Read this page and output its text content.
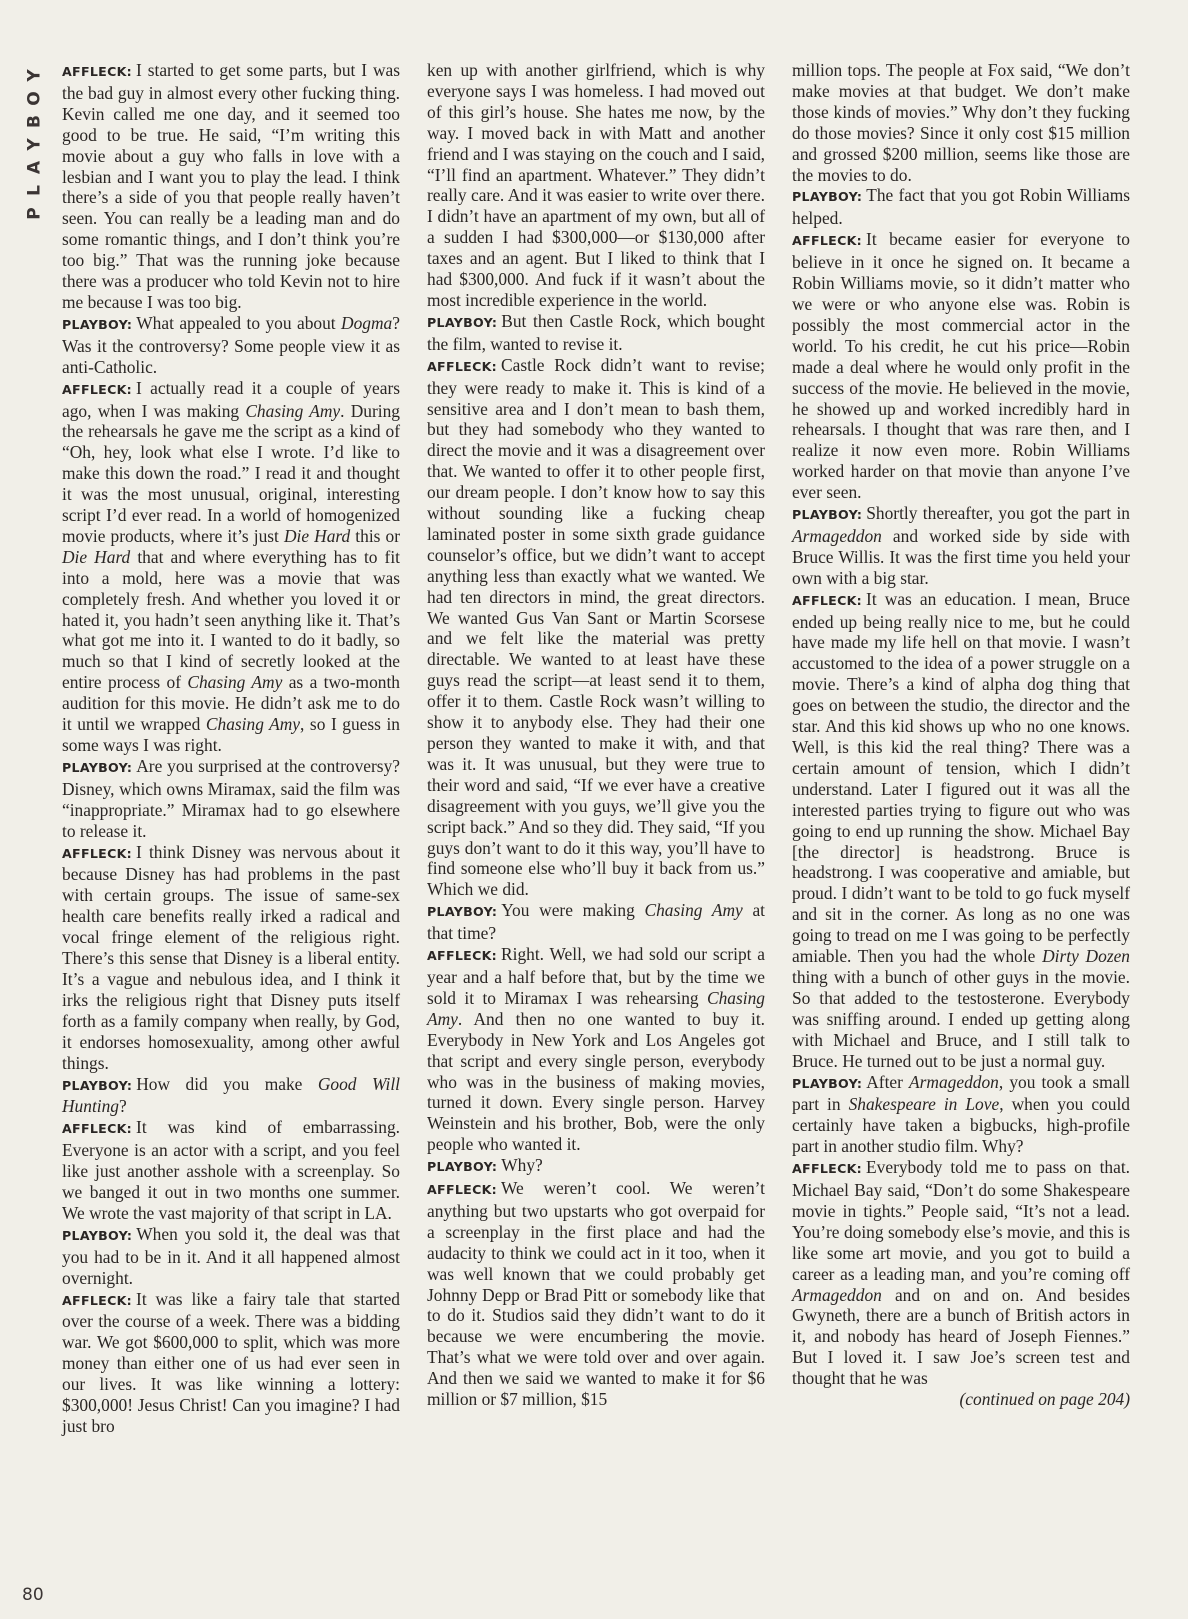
Y
O
B
Y
A
L
P

AFFLECK: I started to get some parts, but I was the bad guy in almost every other fucking thing. Kevin called me one day, and it seemed too good to be true. He said, “I’m writing this movie about a guy who falls in love with a lesbian and I want you to play the lead. I think there’s a side of you that people really haven’t seen. You can really be a leading man and do some romantic things, and I don’t think you’re too big.” That was the running joke because there was a producer who told Kevin not to hire me because I was too big.

PLAYBOY: What appealed to you about Dogma? Was it the controversy? Some people view it as anti-Catholic.

AFFLECK: I actually read it a couple of years ago, when I was making Chasing Amy. During the rehearsals he gave me the script as a kind of “Oh, hey, look what else I wrote. I’d like to make this down the road.” I read it and thought it was the most unusual, original, interesting script I’d ever read. In a world of homogenized movie products, where it’s just Die Hard this or Die Hard that and where everything has to fit into a mold, here was a movie that was completely fresh. And whether you loved it or hated it, you hadn’t seen anything like it. That’s what got me into it. I wanted to do it badly, so much so that I kind of secretly looked at the entire process of Chasing Amy as a two-month audition for this movie. He didn’t ask me to do it until we wrapped Chasing Amy, so I guess in some ways I was right.

PLAYBOY: Are you surprised at the controversy? Disney, which owns Miramax, said the film was “inappropriate.” Miramax had to go elsewhere to release it.

AFFLECK: I think Disney was nervous about it because Disney has had problems in the past with certain groups. The issue of same-sex health care benefits really irked a radical and vocal fringe element of the religious right. There’s this sense that Disney is a liberal entity. It’s a vague and nebulous idea, and I think it irks the religious right that Disney puts itself forth as a family company when really, by God, it endorses homosexuality, among other awful things.

PLAYBOY: How did you make Good Will Hunting?

AFFLECK: It was kind of embarrassing. Everyone is an actor with a script, and you feel like just another asshole with a screenplay. So we banged it out in two months one summer. We wrote the vast majority of that script in LA.

PLAYBOY: When you sold it, the deal was that you had to be in it. And it all happened almost overnight.

AFFLECK: It was like a fairy tale that started over the course of a week. There was a bidding war. We got $600,000 to split, which was more money than either one of us had ever seen in our lives. It was like winning a lottery: $300,000! Jesus Christ! Can you imagine? I had just bro

ken up with another girlfriend, which is why everyone says I was homeless. I had moved out of this girl’s house. She hates me now, by the way. I moved back in with Matt and another friend and I was staying on the couch and I said, “I’ll find an apartment. Whatever.” They didn’t really care. And it was easier to write over there. I didn’t have an apartment of my own, but all of a sudden I had $300,000—or $130,000 after taxes and an agent. But I liked to think that I had $300,000. And fuck if it wasn’t about the most incredible experience in the world.

PLAYBOY: But then Castle Rock, which bought the film, wanted to revise it.

AFFLECK: Castle Rock didn’t want to revise; they were ready to make it. This is kind of a sensitive area and I don’t mean to bash them, but they had somebody who they wanted to direct the movie and it was a disagreement over that. We wanted to offer it to other people first, our dream people. I don’t know how to say this without sounding like a fucking cheap laminated poster in some sixth grade guidance counselor’s office, but we didn’t want to accept anything less than exactly what we wanted. We had ten directors in mind, the great directors. We wanted Gus Van Sant or Martin Scorsese and we felt like the material was pretty directable. We wanted to at least have these guys read the script—at least send it to them, offer it to them. Castle Rock wasn’t willing to show it to anybody else. They had their one person they wanted to make it with, and that was it. It was unusual, but they were true to their word and said, “If we ever have a creative disagreement with you guys, we’ll give you the script back.” And so they did. They said, “If you guys don’t want to do it this way, you’ll have to find someone else who’ll buy it back from us.” Which we did.

PLAYBOY: You were making Chasing Amy at that time?

AFFLECK: Right. Well, we had sold our script a year and a half before that, but by the time we sold it to Miramax I was rehearsing Chasing Amy. And then no one wanted to buy it. Everybody in New York and Los Angeles got that script and every single person, everybody who was in the business of making movies, turned it down. Every single person. Harvey Weinstein and his brother, Bob, were the only people who wanted it.

PLAYBOY: Why?

AFFLECK: We weren’t cool. We weren’t anything but two upstarts who got overpaid for a screenplay in the first place and had the audacity to think we could act in it too, when it was well known that we could probably get Johnny Depp or Brad Pitt or somebody like that to do it. Studios said they didn’t want to do it because we were encumbering the movie. That’s what we were told over and over again. And then we said we wanted to make it for $6 million or $7 million, $15

million tops. The people at Fox said, “We don’t make movies at that budget. We don’t make those kinds of movies.” Why don’t they fucking do those movies? Since it only cost $15 million and grossed $200 million, seems like those are the movies to do.

PLAYBOY: The fact that you got Robin Williams helped.

AFFLECK: It became easier for everyone to believe in it once he signed on. It became a Robin Williams movie, so it didn’t matter who we were or who anyone else was. Robin is possibly the most commercial actor in the world. To his credit, he cut his price—Robin made a deal where he would only profit in the success of the movie. He believed in the movie, he showed up and worked incredibly hard in rehearsals. I thought that was rare then, and I realize it now even more. Robin Williams worked harder on that movie than anyone I’ve ever seen.

PLAYBOY: Shortly thereafter, you got the part in Armageddon and worked side by side with Bruce Willis. It was the first time you held your own with a big star.

AFFLECK: It was an education. I mean, Bruce ended up being really nice to me, but he could have made my life hell on that movie. I wasn’t accustomed to the idea of a power struggle on a movie. There’s a kind of alpha dog thing that goes on between the studio, the director and the star. And this kid shows up who no one knows. Well, is this kid the real thing? There was a certain amount of tension, which I didn’t understand. Later I figured out it was all the interested parties trying to figure out who was going to end up running the show. Michael Bay [the director] is headstrong. Bruce is headstrong. I was cooperative and amiable, but proud. I didn’t want to be told to go fuck myself and sit in the corner. As long as no one was going to tread on me I was going to be perfectly amiable. Then you had the whole Dirty Dozen thing with a bunch of other guys in the movie. So that added to the testosterone. Everybody was sniffing around. I ended up getting along with Michael and Bruce, and I still talk to Bruce. He turned out to be just a normal guy.

PLAYBOY: After Armageddon, you took a small part in Shakespeare in Love, when you could certainly have taken a bigbucks, high-profile part in another studio film. Why?

AFFLECK: Everybody told me to pass on that. Michael Bay said, “Don’t do some Shakespeare movie in tights.” People said, “It’s not a lead. You’re doing somebody else’s movie, and this is like some art movie, and you got to build a career as a leading man, and you’re coming off Armageddon and on and on. And besides Gwyneth, there are a bunch of British actors in it, and nobody has heard of Joseph Fiennes.” But I loved it. I saw Joe’s screen test and thought that he was

(continued on page 204)

80
